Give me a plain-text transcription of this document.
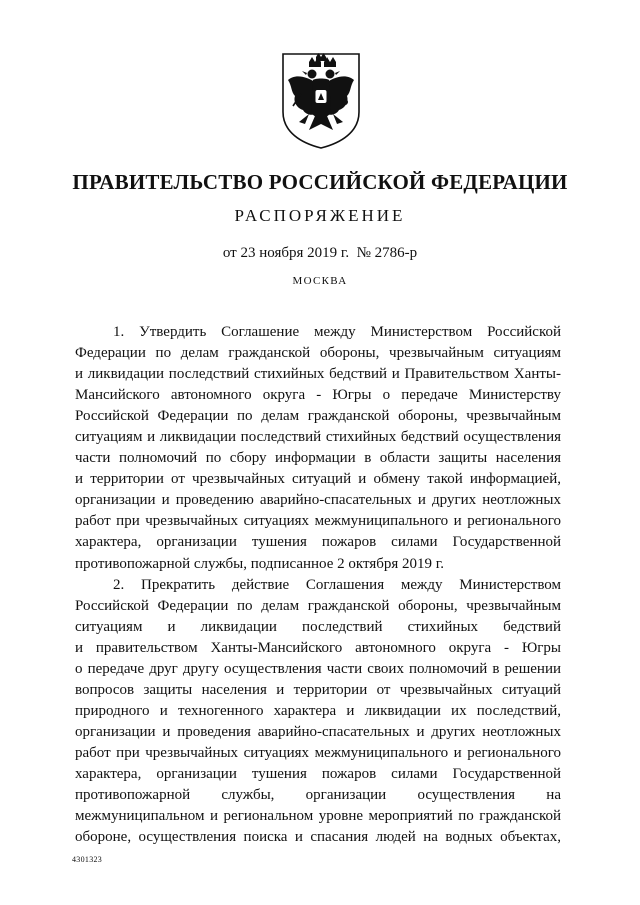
ПРАВИТЕЛЬСТВО РОССИЙСКОЙ ФЕДЕРАЦИИ
РАСПОРЯЖЕНИЕ
от 23 ноября 2019 г.  № 2786-р
МОСКВА
1. Утвердить Соглашение между Министерством Российской
Федерации по делам гражданской обороны, чрезвычайным ситуациям
и ликвидации последствий стихийных бедствий и Правительством Ханты-
Мансийского автономного округа - Югры о передаче Министерству
Российской Федерации по делам гражданской обороны, чрезвычайным
ситуациям и ликвидации последствий стихийных бедствий осуществления
части полномочий по сбору информации в области защиты населения
и территории от чрезвычайных ситуаций и обмену такой информацией,
организации и проведению аварийно-спасательных и других неотложных
работ при чрезвычайных ситуациях межмуниципального и регионального
характера, организации тушения пожаров силами Государственной
противопожарной службы, подписанное 2 октября 2019 г.
2. Прекратить действие Соглашения между Министерством
Российской Федерации по делам гражданской обороны, чрезвычайным
ситуациям и ликвидации последствий стихийных бедствий
и правительством Ханты-Мансийского автономного округа - Югры
о передаче друг другу осуществления части своих полномочий в решении
вопросов защиты населения и территории от чрезвычайных ситуаций
природного и техногенного характера и ликвидации их последствий,
организации и проведения аварийно-спасательных и других неотложных
работ при чрезвычайных ситуациях межмуниципального и регионального
характера, организации тушения пожаров силами Государственной
противопожарной службы, организации осуществления на
межмуниципальном и региональном уровне мероприятий по гражданской
обороне, осуществления поиска и спасания людей на водных объектах,
4301323
